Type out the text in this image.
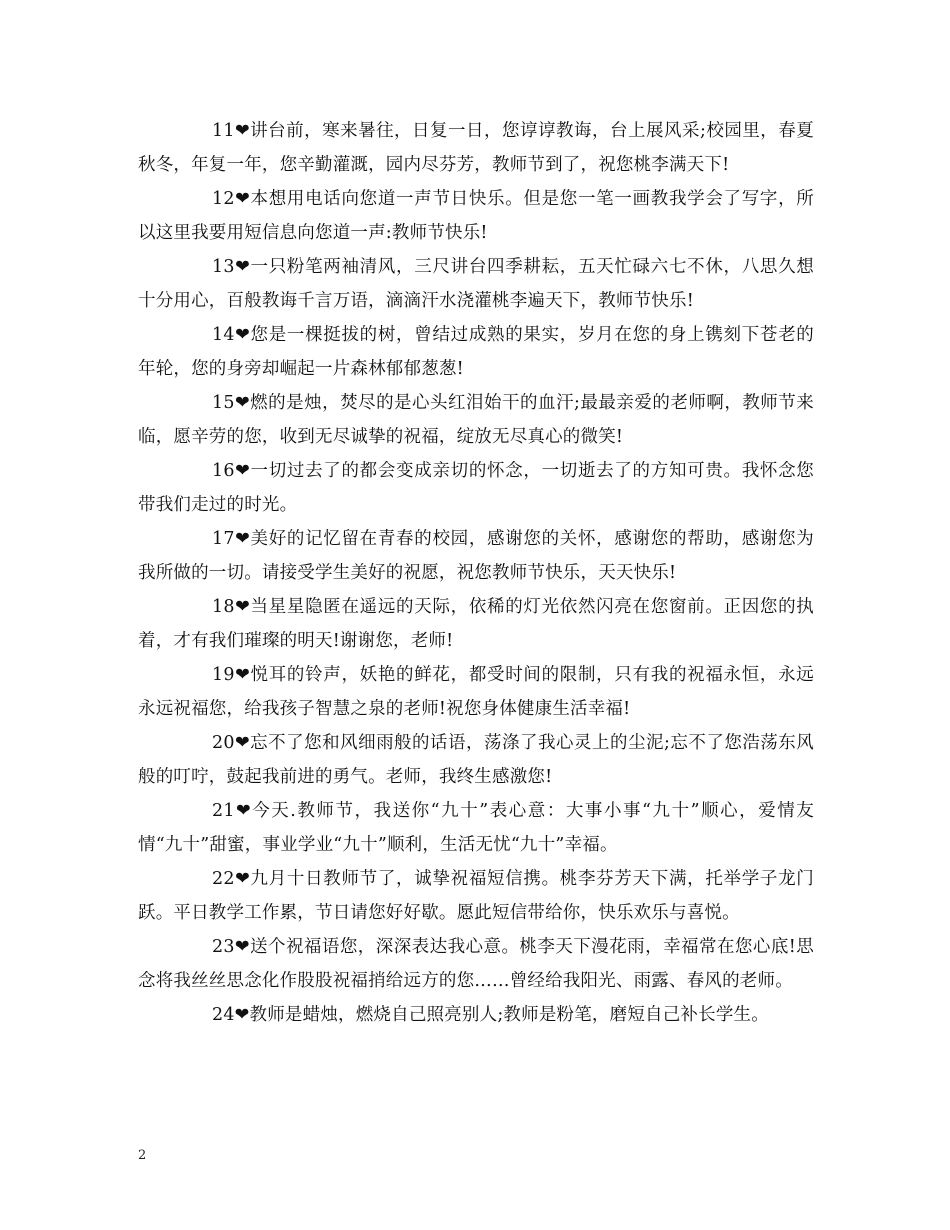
11❤讲台前，寒来暑往，日复一日，您谆谆教诲，台上展风采;校园里，春夏秋冬，年复一年，您辛勤灌溉，园内尽芬芳，教师节到了，祝您桃李满天下!

12❤本想用电话向您道一声节日快乐。但是您一笔一画教我学会了写字，所以这里我要用短信息向您道一声:教师节快乐!

13❤一只粉笔两袖清风，三尺讲台四季耕耘，五天忙碌六七不休，八思久想十分用心，百般教诲千言万语，滴滴汗水浇灌桃李遍天下，教师节快乐!

14❤您是一棵挺拔的树，曾结过成熟的果实，岁月在您的身上镌刻下苍老的年轮，您的身旁却崛起一片森林郁郁葱葱!

15❤燃的是烛，焚尽的是心头红泪始干的血汗;最最亲爱的老师啊，教师节来临，愿辛劳的您，收到无尽诚挚的祝福，绽放无尽真心的微笑!

16❤一切过去了的都会变成亲切的怀念，一切逝去了的方知可贵。我怀念您带我们走过的时光。

17❤美好的记忆留在青春的校园，感谢您的关怀，感谢您的帮助，感谢您为我所做的一切。请接受学生美好的祝愿，祝您教师节快乐，天天快乐!

18❤当星星隐匿在遥远的天际，依稀的灯光依然闪亮在您窗前。正因您的执着，才有我们璀璨的明天!谢谢您，老师!

19❤悦耳的铃声，妖艳的鲜花，都受时间的限制，只有我的祝福永恒，永远永远祝福您，给我孩子智慧之泉的老师!祝您身体健康生活幸福!

20❤忘不了您和风细雨般的话语，荡涤了我心灵上的尘泥;忘不了您浩荡东风般的叮咛，鼓起我前进的勇气。老师，我终生感激您!

21❤今天.教师节，我送你“九十”表心意：大事小事“九十”顺心，爱情友情“九十”甜蜜，事业学业“九十”顺利，生活无忧“九十”幸福。

22❤九月十日教师节了，诚挚祝福短信携。桃李芬芳天下满，托举学子龙门跃。平日教学工作累，节日请您好好歇。愿此短信带给你，快乐欢乐与喜悦。

23❤送个祝福语您，深深表达我心意。桃李天下漫花雨，幸福常在您心底!思念将我丝丝思念化作股股祝福捎给远方的您……曾经给我阳光、雨露、春风的老师。

24❤教师是蜡烛，燃烧自己照亮别人;教师是粉笔，磨短自己补长学生。

2
